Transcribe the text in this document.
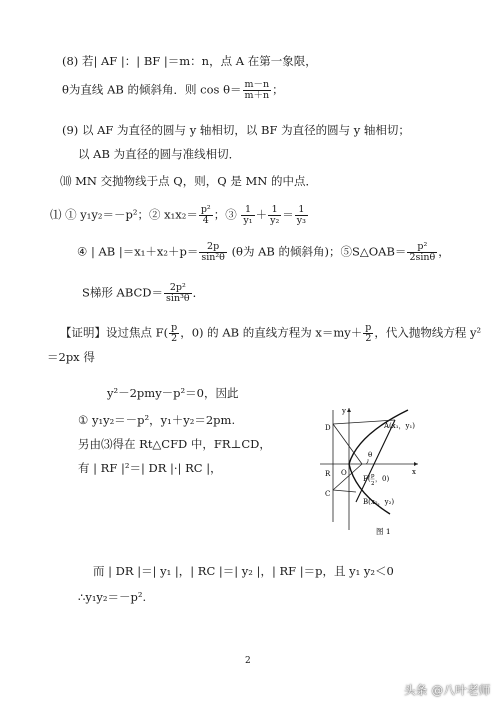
(8) 若| AF |：| BF |＝m：n，点 A 在第一象限，
θ为直线 AB 的倾斜角．则 $\cos \theta= \frac{m-n}{m+n}$ ；
(9) 以 AF 为直径的圆与 y 轴相切，以 BF 为直径的圆与 y 轴相切；
以 AB 为直径的圆与准线相切．
⑽ MN 交抛物线于点 Q，则，Q 是 MN 的中点．
⑴ ① y₁y₂＝－p²；② $x_1x_2= \frac{\text{p²}}{4}$ ；③ $\frac{1}{\text{y₁}} + \frac{1}{\text{y₂}} = \frac{1}{\text{y₃}}$
④ | AB $|=x_1+x_2+p= \frac{2p}{\text{sin²θ}} (\theta$为 AB 的倾斜角)；⑤S△OAB＝ $\frac{\text{p²}}{2\sin\theta}$ ，
S梯形 ABCD＝ $\frac{\text{2p²}}{\text{sin³θ}}$ ．
【证明】设过焦点 $F( \frac{p}{2}$ ，0) 的 AB 的直线方程为 $x=my+ \frac{p}{2}$ ，代入抛物线方程 y²
＝2px 得
y²－2pmy－p²＝0，因此
① y₁y₂＝－p²，y₁＋y₂＝2pm.
另由⑶得在 Rt△CFD 中，FR⊥CD，
有 | RF |²＝| DR |·| RC |，
y
x
D	A(x₁，y₁)
θ
R O
F( p
2
，0)
C
B(x₂，y₂)
图 1
而 | DR |＝| y₁ |，| RC |＝| y₂ |，| RF |＝p，且 y₁ y₂＜0
∴y₁y₂＝－p².
2
头条 @八叶老师
